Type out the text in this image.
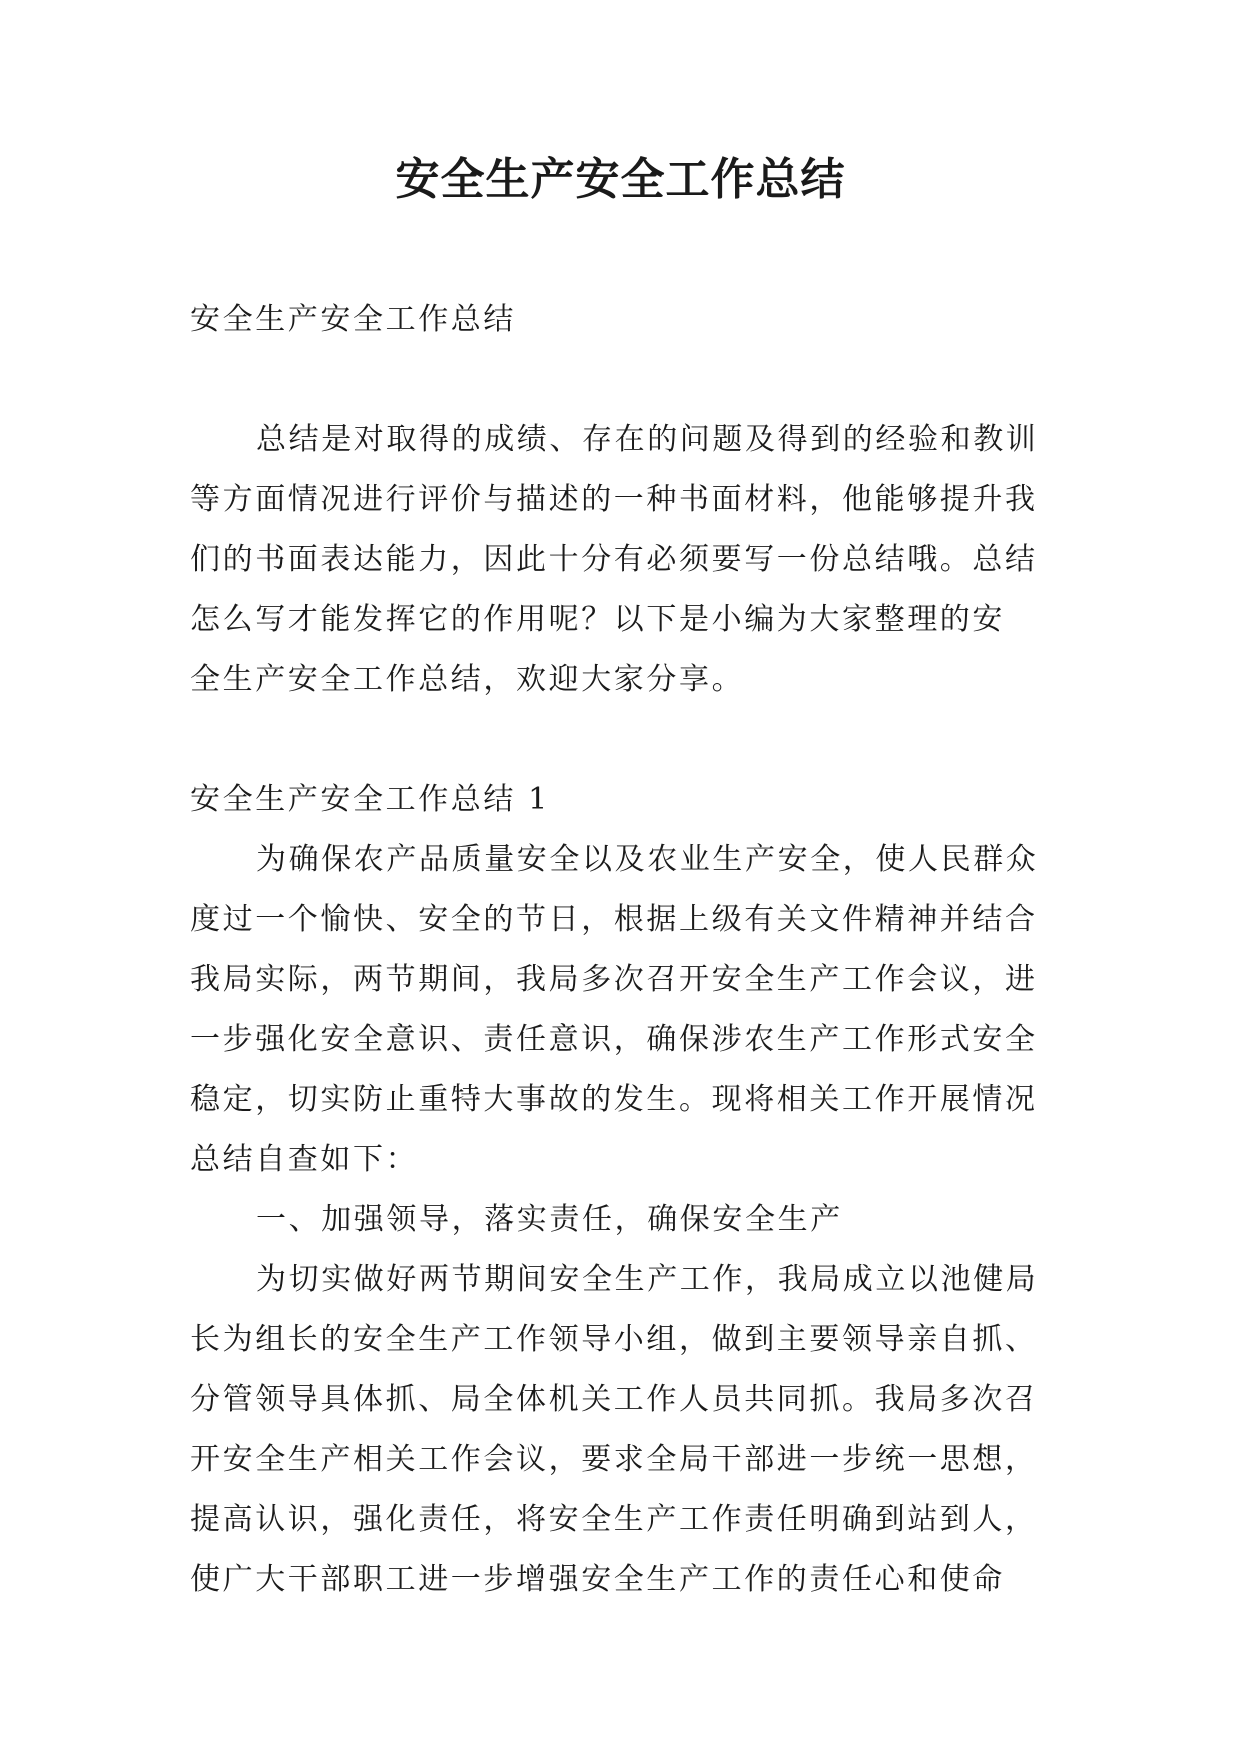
安全生产安全工作总结
安全生产安全工作总结
总结是对取得的成绩、存在的问题及得到的经验和教训
等方面情况进行评价与描述的一种书面材料，他能够提升我
们的书面表达能力，因此十分有必须要写一份总结哦。总结
怎么写才能发挥它的作用呢？以下是小编为大家整理的安
全生产安全工作总结，欢迎大家分享。
安全生产安全工作总结 1
为确保农产品质量安全以及农业生产安全，使人民群众
度过一个愉快、安全的节日，根据上级有关文件精神并结合
我局实际，两节期间，我局多次召开安全生产工作会议，进
一步强化安全意识、责任意识，确保涉农生产工作形式安全
稳定，切实防止重特大事故的发生。现将相关工作开展情况
总结自查如下：
一、加强领导，落实责任，确保安全生产
为切实做好两节期间安全生产工作，我局成立以池健局
长为组长的安全生产工作领导小组，做到主要领导亲自抓、
分管领导具体抓、局全体机关工作人员共同抓。我局多次召
开安全生产相关工作会议，要求全局干部进一步统一思想，
提高认识，强化责任，将安全生产工作责任明确到站到人，
使广大干部职工进一步增强安全生产工作的责任心和使命
